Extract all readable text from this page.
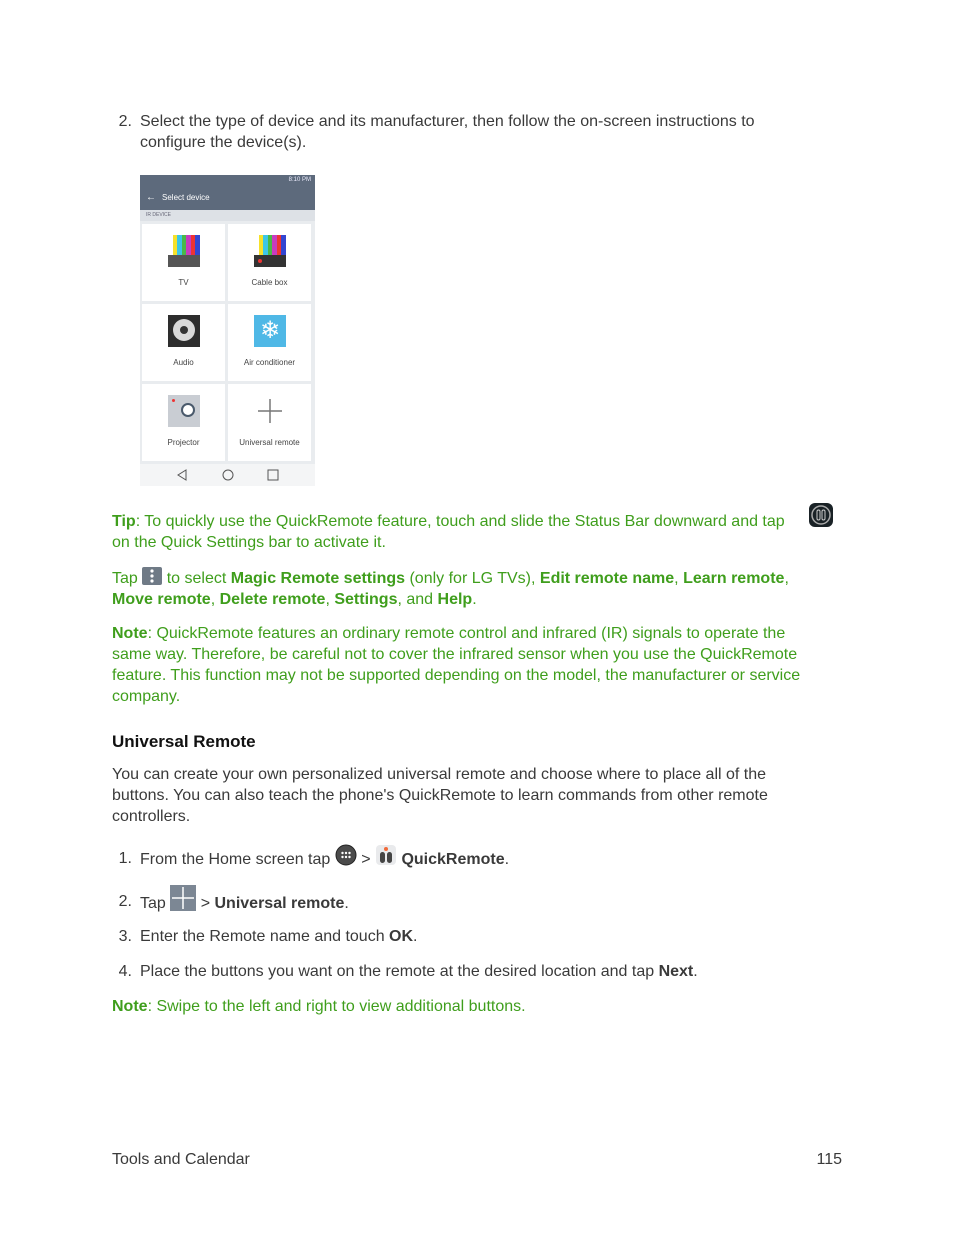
2. Select the type of device and its manufacturer, then follow the on-screen instructions to
configure the device(s).
8:10 PM
← Select device
IR DEVICE
TV	Cable box
Audio
❄
Air conditioner
Projector	Universal remote
Tip: To quickly use the QuickRemote feature, touch and slide the Status Bar downward and tap
on the Quick Settings bar to activate it.
Tap to select Magic Remote settings (only for LG TVs), Edit remote name, Learn remote,
Move remote, Delete remote, Settings, and Help.
Note: QuickRemote features an ordinary remote control and infrared (IR) signals to operate the
same way. Therefore, be careful not to cover the infrared sensor when you use the QuickRemote
feature. This function may not be supported depending on the model, the manufacturer or service
company.
Universal Remote
You can create your own personalized universal remote and choose where to place all of the
buttons. You can also teach the phone's QuickRemote to learn commands from other remote
controllers.
1. From the Home screen tap > QuickRemote.
2. Tap > Universal remote.
3. Enter the Remote name and touch OK.
4. Place the buttons you want on the remote at the desired location and tap Next.
Note: Swipe to the left and right to view additional buttons.
Tools and Calendar	115
